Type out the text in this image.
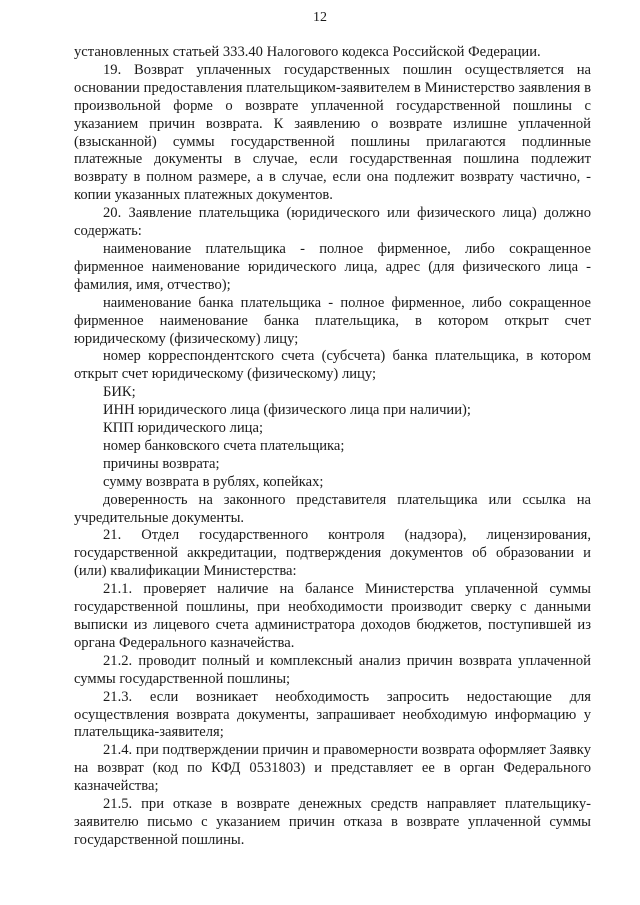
12

установленных статьей 333.40 Налогового кодекса Российской Федерации.

19. Возврат уплаченных государственных пошлин осуществляется на основании предоставления плательщиком-заявителем в Министерство заявления в произвольной форме о возврате уплаченной государственной пошлины с указанием причин возврата. К заявлению о возврате излишне уплаченной (взысканной) суммы государственной пошлины прилагаются подлинные платежные документы в случае, если государственная пошлина подлежит возврату в полном размере, а в случае, если она подлежит возврату частично, - копии указанных платежных документов.

20. Заявление плательщика (юридического или физического лица) должно содержать:

наименование плательщика - полное фирменное, либо сокращенное фирменное наименование юридического лица, адрес (для физического лица - фамилия, имя, отчество);

наименование банка плательщика - полное фирменное, либо сокращенное фирменное наименование банка плательщика, в котором открыт счет юридическому (физическому) лицу;

номер корреспондентского счета (субсчета) банка плательщика, в котором открыт счет юридическому (физическому) лицу;

БИК;

ИНН юридического лица (физического лица при наличии);

КПП юридического лица;

номер банковского счета плательщика;

причины возврата;

сумму возврата в рублях, копейках;

доверенность на законного представителя плательщика или ссылка на учредительные документы.

21. Отдел государственного контроля (надзора), лицензирования, государственной аккредитации, подтверждения документов об образовании и (или) квалификации Министерства:

21.1. проверяет наличие на балансе Министерства уплаченной суммы государственной пошлины, при необходимости производит сверку с данными выписки из лицевого счета администратора доходов бюджетов, поступившей из органа Федерального казначейства.

21.2. проводит полный и комплексный анализ причин возврата уплаченной суммы государственной пошлины;

21.3. если возникает необходимость запросить недостающие для осуществления возврата документы, запрашивает необходимую информацию у плательщика-заявителя;

21.4. при подтверждении причин и правомерности возврата оформляет Заявку на возврат (код по КФД 0531803) и представляет ее в орган Федерального казначейства;

21.5. при отказе в возврате денежных средств направляет плательщику-заявителю письмо с указанием причин отказа в возврате уплаченной суммы государственной пошлины.
